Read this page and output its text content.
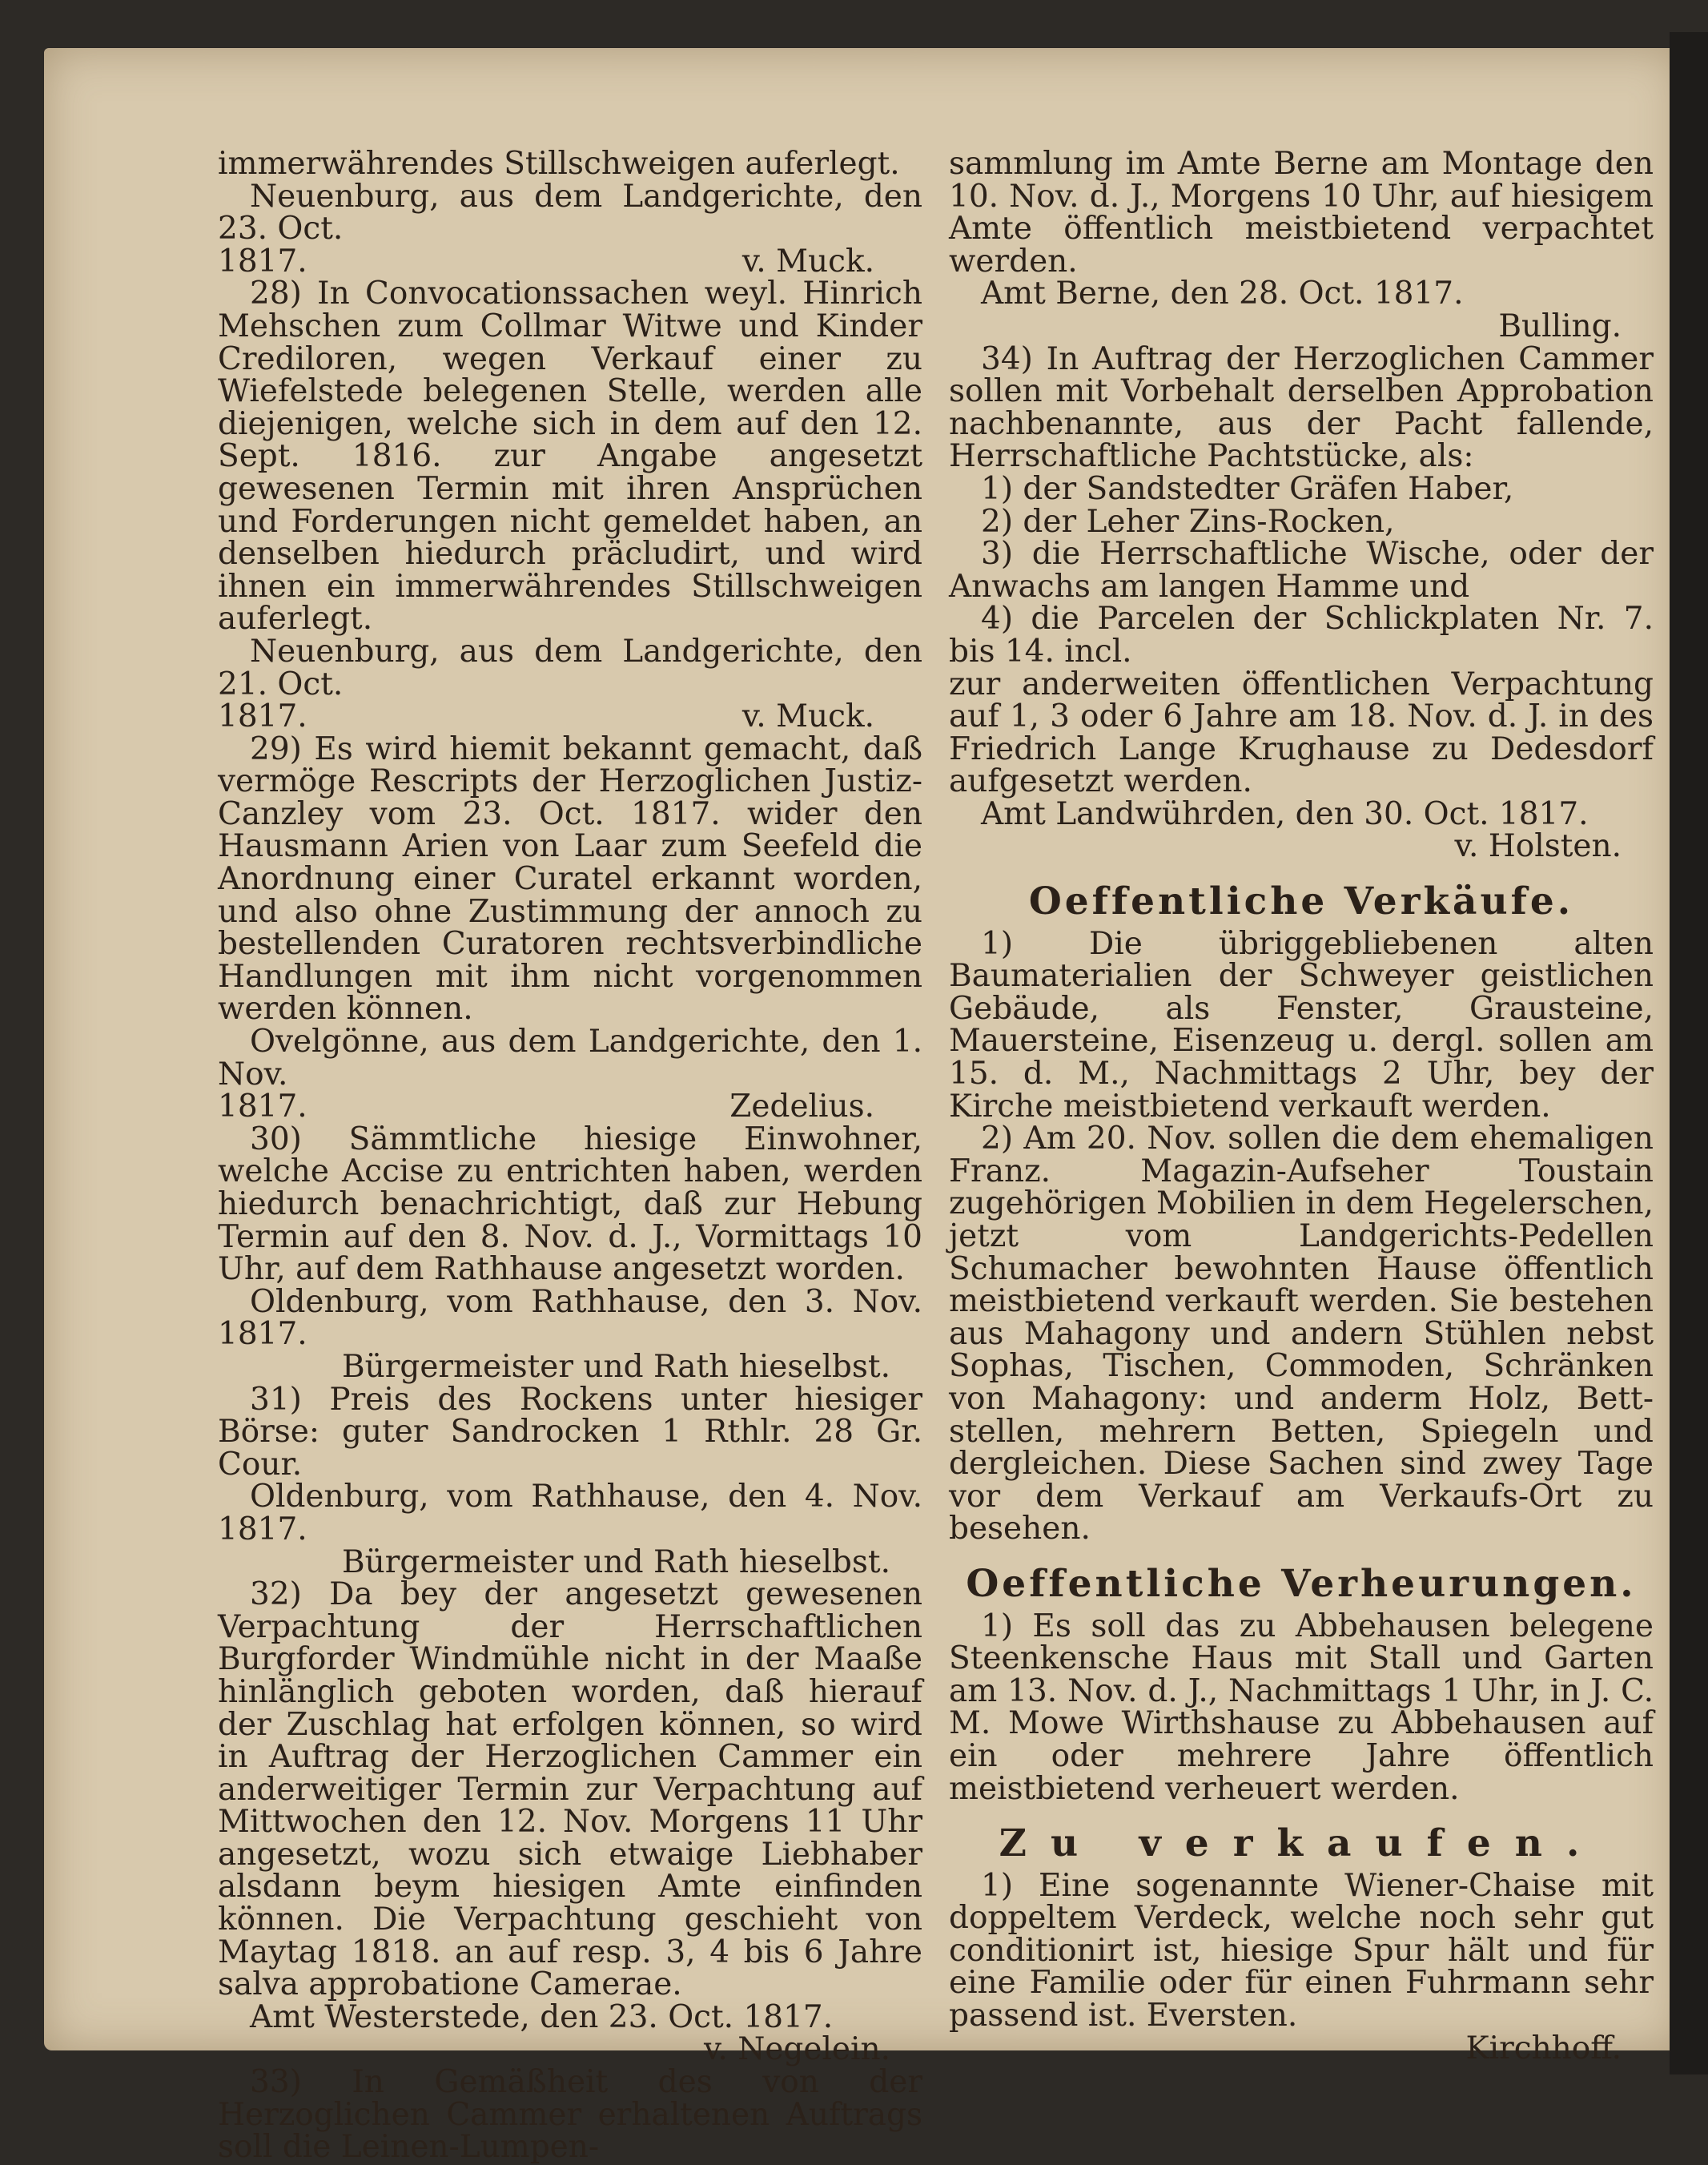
immerwährendes Stillschweigen auferlegt.

Neuenburg, aus dem Landgerichte, den 23. Oct.

1817.	v. Muck.

28) In Convocationssachen weyl. Hinrich Mehschen zum Collmar Witwe und Kinder Crediloren, wegen Verkauf einer zu Wiefelstede belegenen Stelle, werden alle diejenigen, welche sich in dem auf den 12. Sept. 1816. zur Angabe angesetzt gewesenen Termin mit ihren Ansprüchen und Forderungen nicht gemeldet haben, an denselben hiedurch präcludirt, und wird ihnen ein immerwährendes Stillschweigen auferlegt.

Neuenburg, aus dem Landgerichte, den 21. Oct.

1817.	v. Muck.

29) Es wird hiemit bekannt gemacht, daß vermöge Rescripts der Herzoglichen Justiz-Canzley vom 23. Oct. 1817. wider den Hausmann Arien von Laar zum Seefeld die Anordnung einer Curatel erkannt worden, und also ohne Zustimmung der annoch zu bestellenden Curatoren rechtsverbindliche Handlungen mit ihm nicht vorgenommen werden können.

Ovelgönne, aus dem Landgerichte, den 1. Nov.

1817.	Zedelius.

30) Sämmtliche hiesige Einwohner, welche Accise zu entrichten haben, werden hiedurch benachrichtigt, daß zur Hebung Termin auf den 8. Nov. d. J., Vormittags 10 Uhr, auf dem Rathhause angesetzt worden.

Oldenburg, vom Rathhause, den 3. Nov. 1817.

Bürgermeister und Rath hieselbst.

31) Preis des Rockens unter hiesiger Börse: guter Sandrocken 1 Rthlr. 28 Gr. Cour.

Oldenburg, vom Rathhause, den 4. Nov. 1817.

Bürgermeister und Rath hieselbst.

32) Da bey der angesetzt gewesenen Verpachtung der Herrschaftlichen Burgforder Windmühle nicht in der Maaße hinlänglich geboten worden, daß hierauf der Zuschlag hat erfolgen können, so wird in Auftrag der Herzoglichen Cammer ein anderweitiger Termin zur Verpachtung auf Mittwochen den 12. Nov. Morgens 11 Uhr angesetzt, wozu sich etwaige Liebhaber alsdann beym hiesigen Amte einfinden können. Die Verpachtung geschieht von Maytag 1818. an auf resp. 3, 4 bis 6 Jahre salva approbatione Camerae.

Amt Westerstede, den 23. Oct. 1817.

v. Negelein.

33) In Gemäßheit des von der Herzoglichen Cammer erhaltenen Auftrags soll die Leinen-Lumpen-

sammlung im Amte Berne am Montage den 10. Nov. d. J., Morgens 10 Uhr, auf hiesigem Amte öffentlich meistbietend verpachtet werden.

Amt Berne, den 28. Oct. 1817.

Bulling.

34) In Auftrag der Herzoglichen Cammer sollen mit Vorbehalt derselben Approbation nachbenannte, aus der Pacht fallende, Herrschaftliche Pachtstücke, als:

1) der Sandstedter Gräfen Haber,

2) der Leher Zins-Rocken,

3) die Herrschaftliche Wische, oder der Anwachs am langen Hamme und

4) die Parcelen der Schlickplaten Nr. 7. bis 14. incl.

zur anderweiten öffentlichen Verpachtung auf 1, 3 oder 6 Jahre am 18. Nov. d. J. in des Friedrich Lange Krughause zu Dedesdorf aufgesetzt werden.

Amt Landwührden, den 30. Oct. 1817.

v. Holsten.

Oeffentliche Verkäufe.

1) Die übriggebliebenen alten Baumaterialien der Schweyer geistlichen Gebäude, als Fenster, Grausteine, Mauersteine, Eisenzeug u. dergl. sollen am 15. d. M., Nachmittags 2 Uhr, bey der Kirche meistbietend verkauft werden.

2) Am 20. Nov. sollen die dem ehemaligen Franz. Magazin-Aufseher Toustain zugehörigen Mobilien in dem Hegelerschen, jetzt vom Landgerichts-Pedellen Schumacher bewohnten Hause öffentlich meistbietend verkauft werden. Sie bestehen aus Mahagony und andern Stühlen nebst Sophas, Tischen, Commoden, Schränken von Mahagony: und anderm Holz, Bettstellen, mehrern Betten, Spiegeln und dergleichen. Diese Sachen sind zwey Tage vor dem Verkauf am Verkaufs-Ort zu besehen.

Oeffentliche Verheurungen.

1) Es soll das zu Abbehausen belegene Steenkensche Haus mit Stall und Garten am 13. Nov. d. J., Nachmittags 1 Uhr, in J. C. M. Mowe Wirthshause zu Abbehausen auf ein oder mehrere Jahre öffentlich meistbietend verheuert werden.

Zu verkaufen.

1) Eine sogenannte Wiener-Chaise mit doppeltem Verdeck, welche noch sehr gut conditionirt ist, hiesige Spur hält und für eine Familie oder für einen Fuhrmann sehr passend ist. Eversten.

Kirchhoff.
